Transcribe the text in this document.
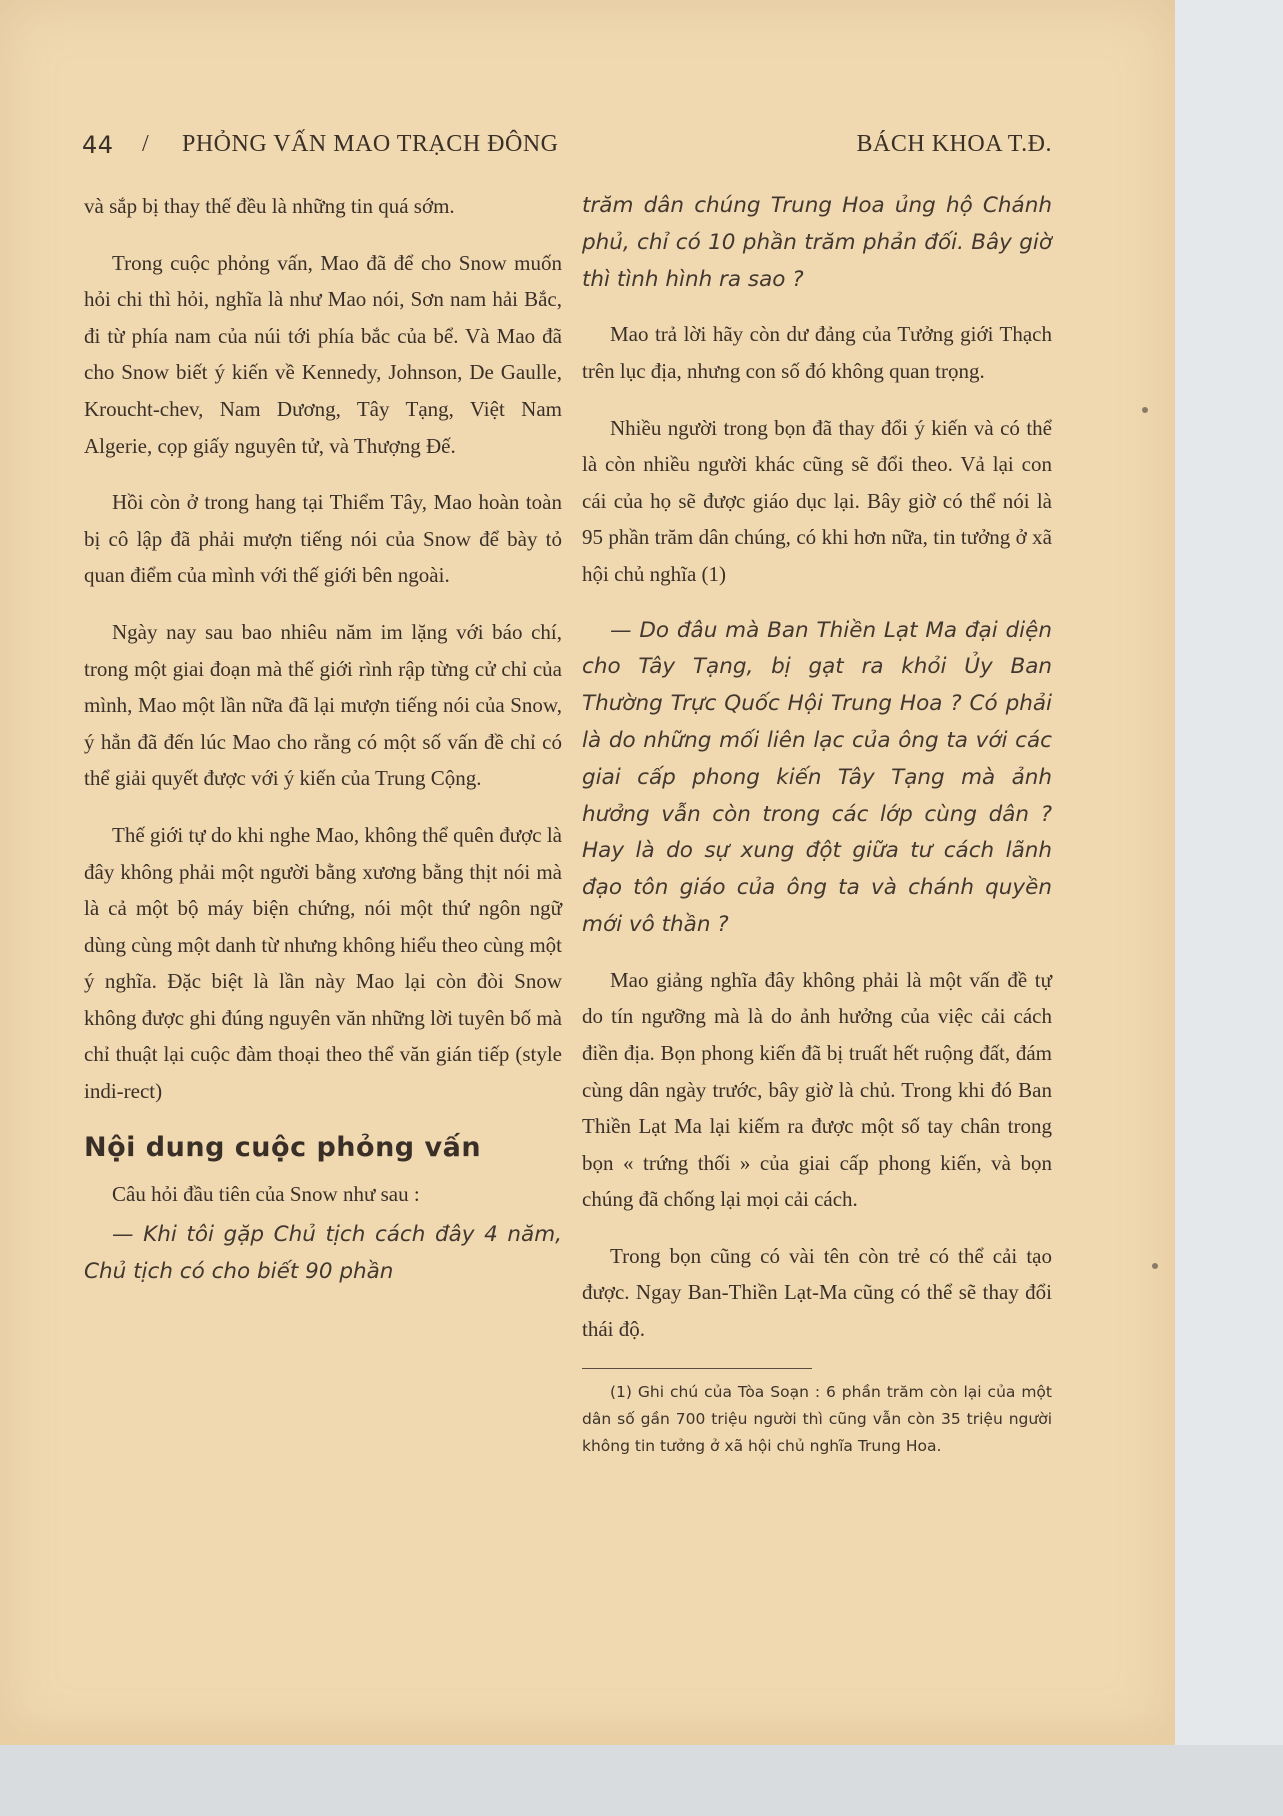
44 / PHỎNG VẤN MAO TRẠCH ĐÔNG	BÁCH KHOA T.Đ.

và sắp bị thay thế đều là những tin quá sớm.

Trong cuộc phỏng vấn, Mao đã để cho Snow muốn hỏi chi thì hỏi, nghĩa là như Mao nói, Sơn nam hải Bắc, đi từ phía nam của núi tới phía bắc của bể. Và Mao đã cho Snow biết ý kiến về Kennedy, Johnson, De Gaulle, Kroucht-chev, Nam Dương, Tây Tạng, Việt Nam Algerie, cọp giấy nguyên tử, và Thượng Đế.

Hồi còn ở trong hang tại Thiểm Tây, Mao hoàn toàn bị cô lập đã phải mượn tiếng nói của Snow để bày tỏ quan điểm của mình với thế giới bên ngoài.

Ngày nay sau bao nhiêu năm im lặng với báo chí, trong một giai đoạn mà thế giới rình rập từng cử chỉ của mình, Mao một lần nữa đã lại mượn tiếng nói của Snow, ý hẳn đã đến lúc Mao cho rằng có một số vấn đề chỉ có thể giải quyết được với ý kiến của Trung Cộng.

Thế giới tự do khi nghe Mao, không thể quên được là đây không phải một người bằng xương bằng thịt nói mà là cả một bộ máy biện chứng, nói một thứ ngôn ngữ dùng cùng một danh từ nhưng không hiểu theo cùng một ý nghĩa. Đặc biệt là lần này Mao lại còn đòi Snow không được ghi đúng nguyên văn những lời tuyên bố mà chỉ thuật lại cuộc đàm thoại theo thể văn gián tiếp (style indi-rect)

Nội dung cuộc phỏng vấn

Câu hỏi đầu tiên của Snow như sau :

— Khi tôi gặp Chủ tịch cách đây 4 năm, Chủ tịch có cho biết 90 phần

trăm dân chúng Trung Hoa ủng hộ Chánh phủ, chỉ có 10 phần trăm phản đối. Bây giờ thì tình hình ra sao ?

Mao trả lời hãy còn dư đảng của Tưởng giới Thạch trên lục địa, nhưng con số đó không quan trọng.

Nhiều người trong bọn đã thay đổi ý kiến và có thể là còn nhiều người khác cũng sẽ đổi theo. Vả lại con cái của họ sẽ được giáo dục lại. Bây giờ có thể nói là 95 phần trăm dân chúng, có khi hơn nữa, tin tưởng ở xã hội chủ nghĩa (1)

— Do đâu mà Ban Thiền Lạt Ma đại diện cho Tây Tạng, bị gạt ra khỏi Ủy Ban Thường Trực Quốc Hội Trung Hoa ? Có phải là do những mối liên lạc của ông ta với các giai cấp phong kiến Tây Tạng mà ảnh hưởng vẫn còn trong các lớp cùng dân ? Hay là do sự xung đột giữa tư cách lãnh đạo tôn giáo của ông ta và chánh quyền mới vô thần ?

Mao giảng nghĩa đây không phải là một vấn đề tự do tín ngưỡng mà là do ảnh hưởng của việc cải cách điền địa. Bọn phong kiến đã bị truất hết ruộng đất, đám cùng dân ngày trước, bây giờ là chủ. Trong khi đó Ban Thiền Lạt Ma lại kiếm ra được một số tay chân trong bọn « trứng thối » của giai cấp phong kiến, và bọn chúng đã chống lại mọi cải cách.

Trong bọn cũng có vài tên còn trẻ có thể cải tạo được. Ngay Ban-Thiền Lạt-Ma cũng có thể sẽ thay đổi thái độ.

(1) Ghi chú của Tòa Soạn : 6 phần trăm còn lại của một dân số gần 700 triệu người thì cũng vẫn còn 35 triệu người không tin tưởng ở xã hội chủ nghĩa Trung Hoa.
